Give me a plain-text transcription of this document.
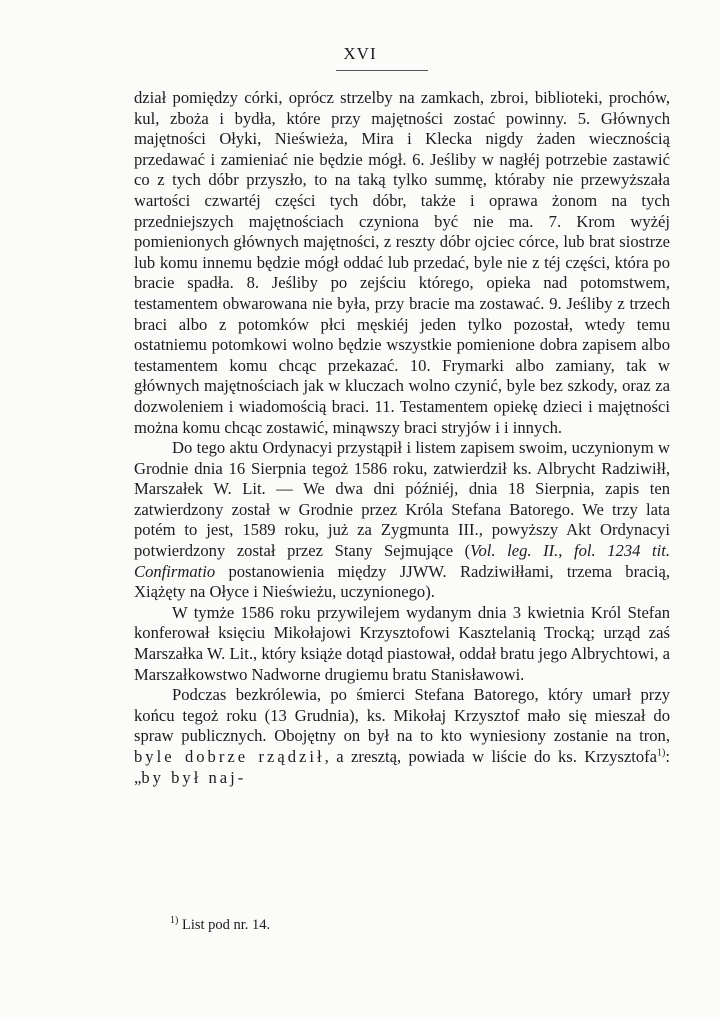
XVI

dział pomiędzy córki, oprócz strzelby na zamkach, zbroi, biblioteki, prochów, kul, zboża i bydła, które przy majętności zostać powinny. 5. Głównych majętności Ołyki, Nieświeża, Mira i Klecka nigdy żaden wiecznością przedawać i zamieniać nie będzie mógł. 6. Jeśliby w nagłéj potrzebie zastawić co z tych dóbr przyszło, to na taką tylko summę, któraby nie przewyższała wartości czwartéj części tych dóbr, także i oprawa żonom na tych przedniejszych majętnościach czyniona być nie ma. 7. Krom wyżéj pomienionych głównych majętności, z reszty dóbr ojciec córce, lub brat siostrze lub komu innemu będzie mógł oddać lub przedać, byle nie z téj części, która po bracie spadła. 8. Jeśliby po zejściu którego, opieka nad potomstwem, testamentem obwarowana nie była, przy bracie ma zostawać. 9. Jeśliby z trzech braci albo z potomków płci męskiéj jeden tylko pozostał, wtedy temu ostatniemu potomkowi wolno będzie wszystkie pomienione dobra zapisem albo testamentem komu chcąc przekazać. 10. Frymarki albo zamiany, tak w głównych majętnościach jak w kluczach wolno czynić, byle bez szkody, oraz za dozwoleniem i wiadomością braci. 11. Testamentem opiekę dzieci i majętności można komu chcąc zostawić, minąwszy braci stryjów i i innych.

Do tego aktu Ordynacyi przystąpił i listem zapisem swoim, uczynionym w Grodnie dnia 16 Sierpnia tegoż 1586 roku, zatwierdził ks. Albrycht Radziwiłł, Marszałek W. Lit. — We dwa dni późniéj, dnia 18 Sierpnia, zapis ten zatwierdzony został w Grodnie przez Króla Stefana Batorego. We trzy lata potém to jest, 1589 roku, już za Zygmunta III., powyższy Akt Ordynacyi potwierdzony został przez Stany Sejmujące (Vol. leg. II., fol. 1234 tit. Confirmatio postanowienia między JJWW. Radziwiłłami, trzema bracią, Xiążęty na Ołyce i Nieświeżu, uczynionego).

W tymże 1586 roku przywilejem wydanym dnia 3 kwietnia Król Stefan konferował księciu Mikołajowi Krzysztofowi Kasztelanią Trocką; urząd zaś Marszałka W. Lit., który książe dotąd piastował, oddał bratu jego Albrychtowi, a Marszałkowstwo Nadworne drugiemu bratu Stanisławowi.

Podczas bezkrólewia, po śmierci Stefana Batorego, który umarł przy końcu tegoż roku (13 Grudnia), ks. Mikołaj Krzysztof mało się mieszał do spraw publicznych. Obojętny on był na to kto wyniesiony zostanie na tron, byle dobrze rządził, a zresztą, powiada w liście do ks. Krzysztofa$^{1)}$: „by był naj-

$^{1)}$ List pod nr. 14.
